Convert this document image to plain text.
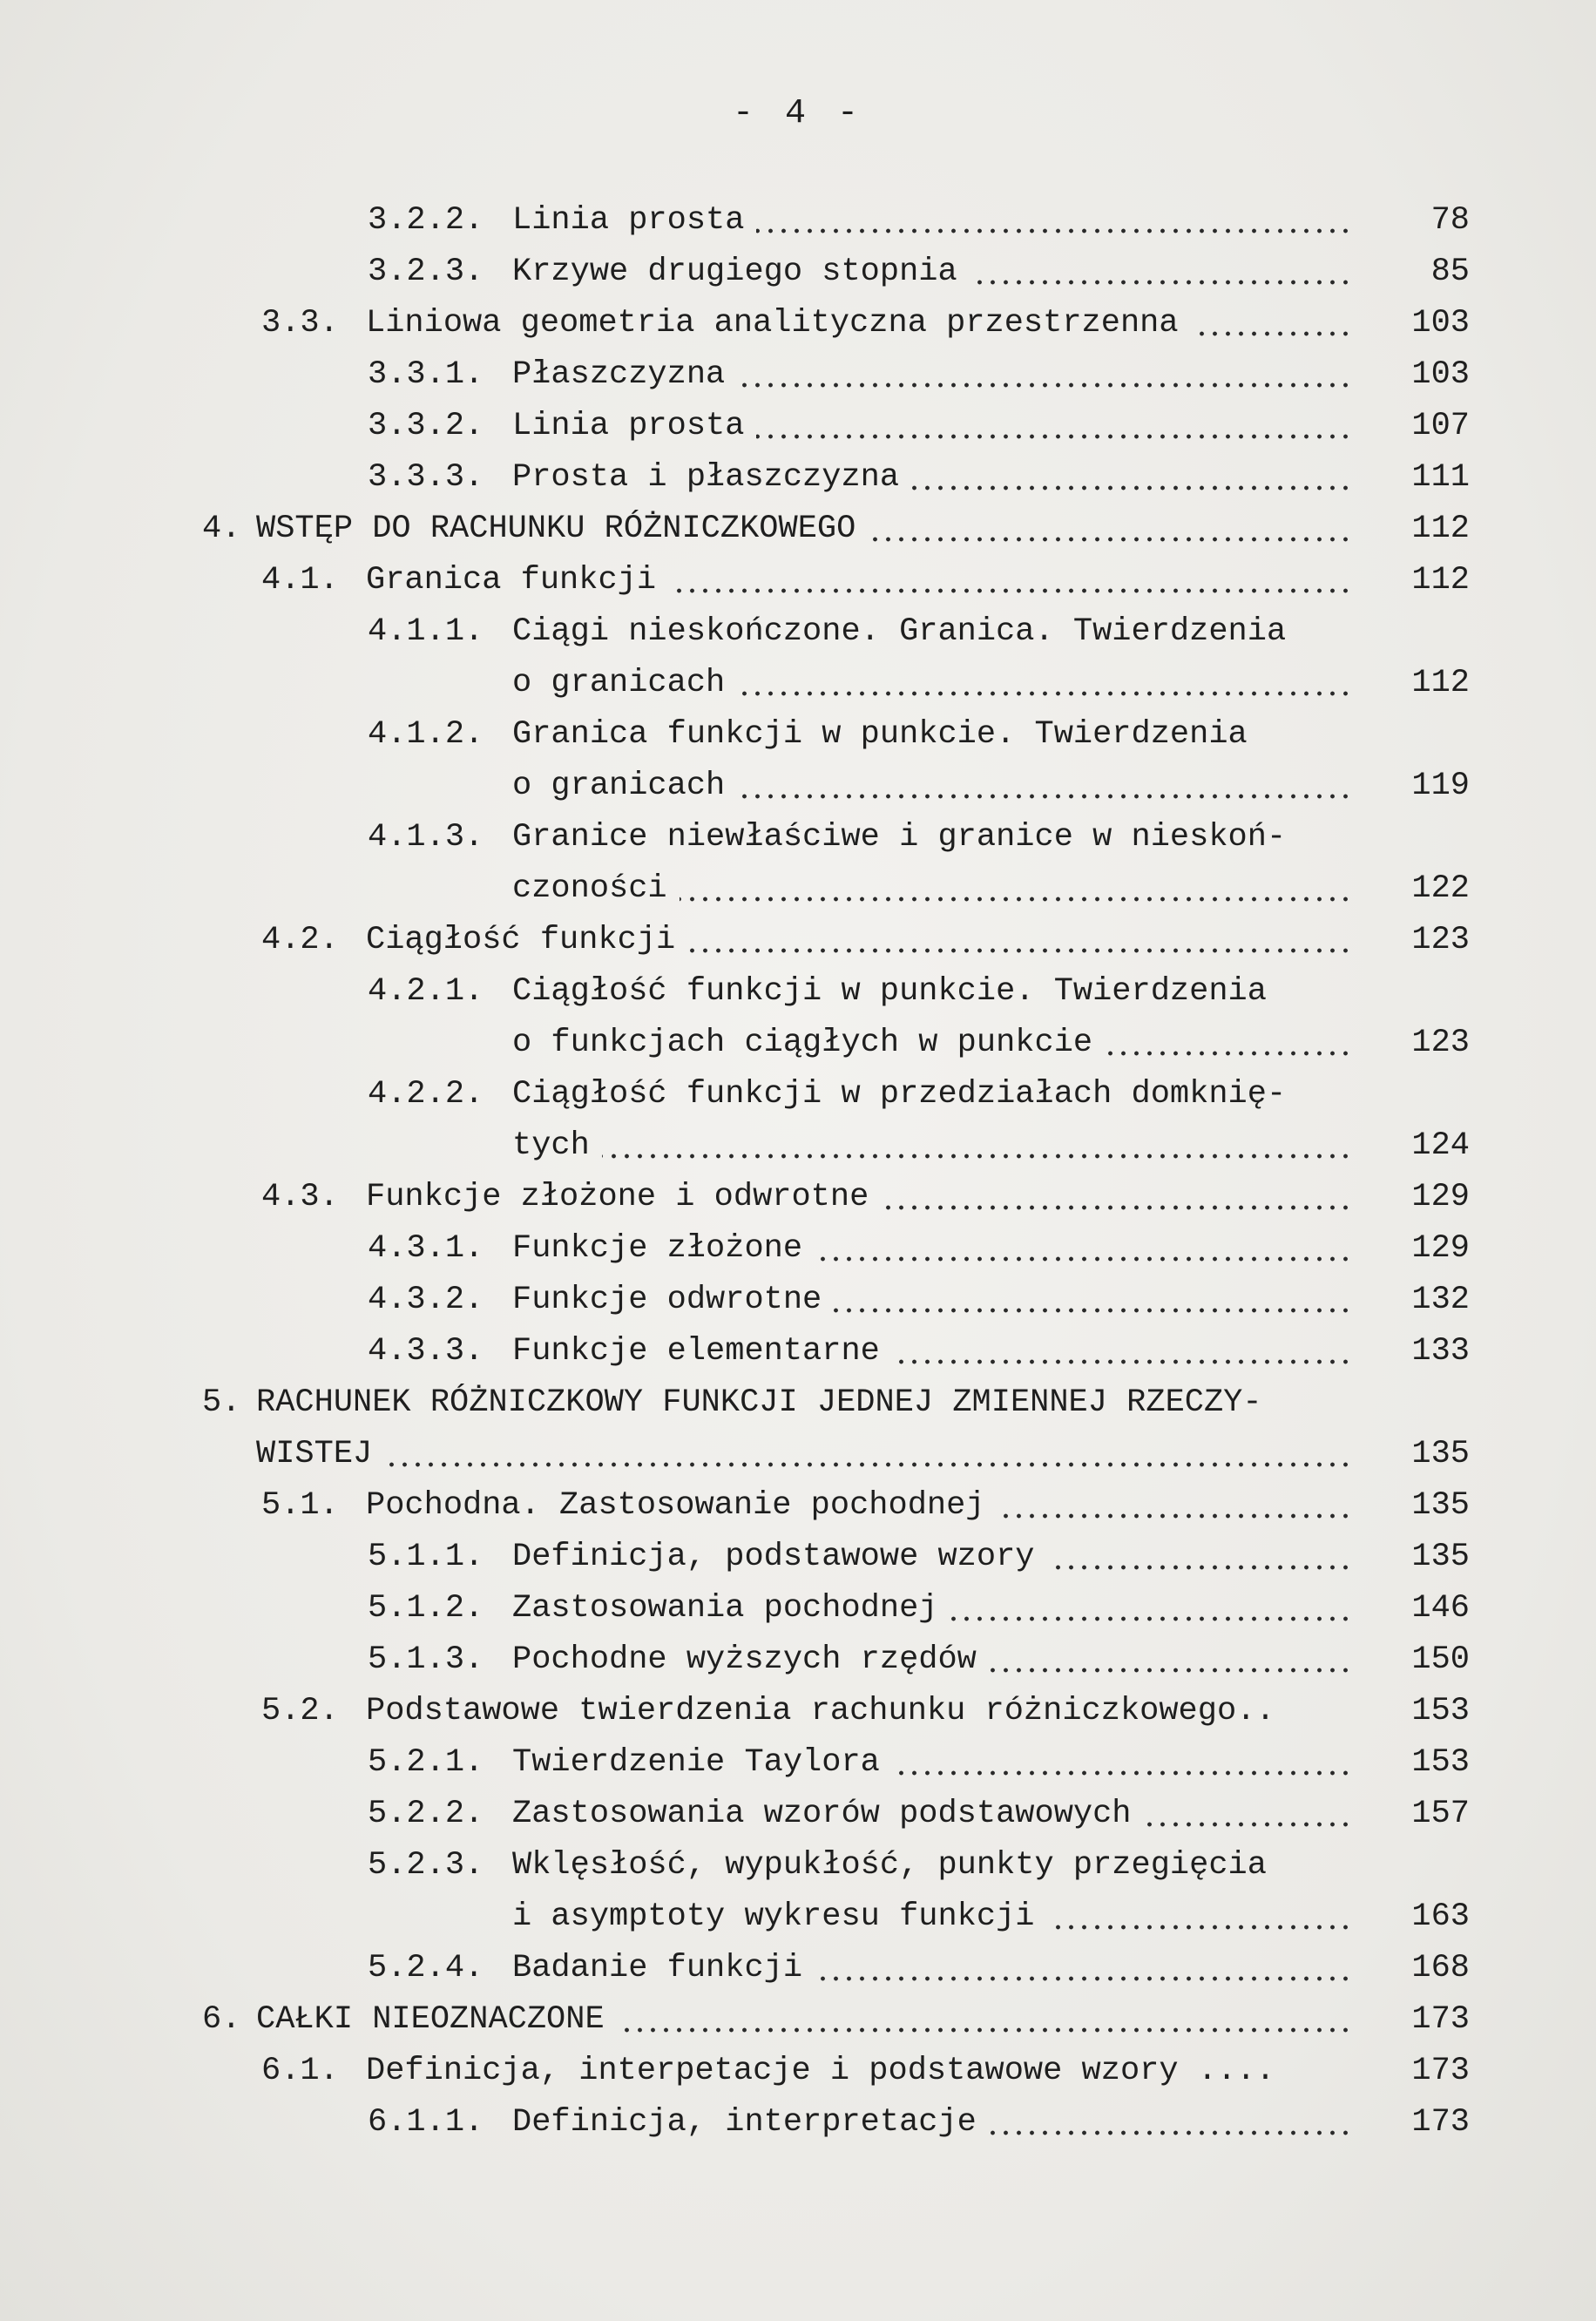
- 4 -
3.2.2. Linia prosta	78
3.2.3. Krzywe drugiego stopnia	85
3.3. Liniowa geometria analityczna przestrzenna	103
3.3.1. Płaszczyzna	103
3.3.2. Linia prosta	107
3.3.3. Prosta i płaszczyzna	111
4. WSTĘP DO RACHUNKU RÓŻNICZKOWEGO	112
4.1. Granica funkcji	112
4.1.1. Ciągi nieskończone. Granica. Twierdzenia
o granicach	112
4.1.2. Granica funkcji w punkcie. Twierdzenia
o granicach	119
4.1.3. Granice niewłaściwe i granice w nieskoń-
czoności	122
4.2. Ciągłość funkcji	123
4.2.1. Ciągłość funkcji w punkcie. Twierdzenia
o funkcjach ciągłych w punkcie	123
4.2.2. Ciągłość funkcji w przedziałach domknię-
tych	124
4.3. Funkcje złożone i odwrotne	129
4.3.1. Funkcje złożone	129
4.3.2. Funkcje odwrotne	132
4.3.3. Funkcje elementarne	133
5. RACHUNEK RÓŻNICZKOWY FUNKCJI JEDNEJ ZMIENNEJ RZECZY-
WISTEJ	135
5.1. Pochodna. Zastosowanie pochodnej	135
5.1.1. Definicja, podstawowe wzory	135
5.1.2. Zastosowania pochodnej	146
5.1.3. Pochodne wyższych rzędów	150
5.2. Podstawowe twierdzenia rachunku różniczkowego..	153
5.2.1. Twierdzenie Taylora	153
5.2.2. Zastosowania wzorów podstawowych	157
5.2.3. Wklęsłość, wypukłość, punkty przegięcia
i asymptoty wykresu funkcji	163
5.2.4. Badanie funkcji	168
6. CAŁKI NIEOZNACZONE	173
6.1. Definicja, interpetacje i podstawowe wzory ....	173
6.1.1. Definicja, interpretacje	173
